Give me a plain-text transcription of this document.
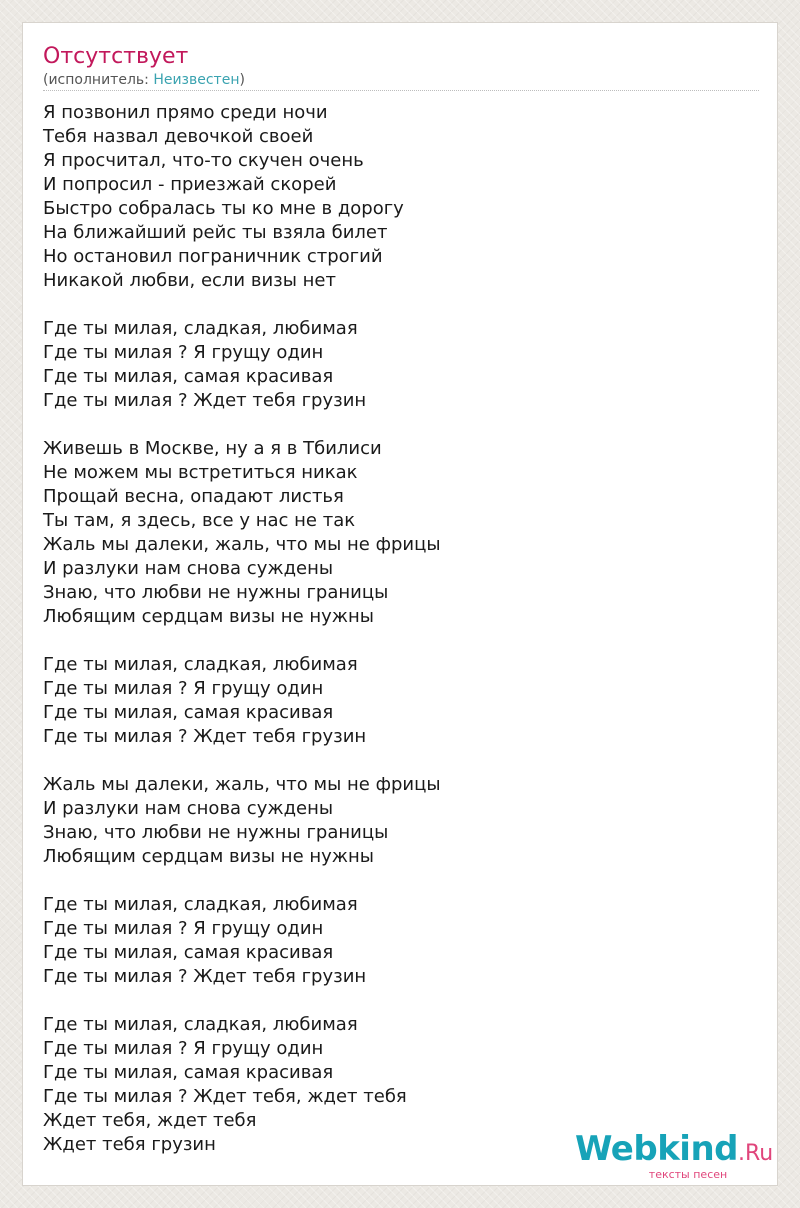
Отсутствует
(исполнитель: Неизвестен)
Я позвонил прямо среди ночи
Тебя назвал девочкой своей
Я просчитал, что-то скучен очень
И попросил - приезжай скорей
Быстро собралась ты ко мне в дорогу
На ближайший рейс ты взяла билет
Но остановил пограничник строгий
Никакой любви, если визы нет
Где ты милая, сладкая, любимая
Где ты милая ? Я грущу один
Где ты милая, самая красивая
Где ты милая ? Ждет тебя грузин
Живешь в Москве, ну а я в Тбилиси
Не можем мы встретиться никак
Прощай весна, опадают листья
Ты там, я здесь, все у нас не так
Жаль мы далеки, жаль, что мы не фрицы
И разлуки нам снова суждены
Знаю, что любви не нужны границы
Любящим сердцам визы не нужны
Где ты милая, сладкая, любимая
Где ты милая ? Я грущу один
Где ты милая, самая красивая
Где ты милая ? Ждет тебя грузин
Жаль мы далеки, жаль, что мы не фрицы
И разлуки нам снова суждены
Знаю, что любви не нужны границы
Любящим сердцам визы не нужны
Где ты милая, сладкая, любимая
Где ты милая ? Я грущу один
Где ты милая, самая красивая
Где ты милая ? Ждет тебя грузин
Где ты милая, сладкая, любимая
Где ты милая ? Я грущу один
Где ты милая, самая красивая
Где ты милая ? Ждет тебя, ждет тебя
Ждет тебя, ждет тебя
Ждет тебя грузин	Webkind.Ru
тексты песен
